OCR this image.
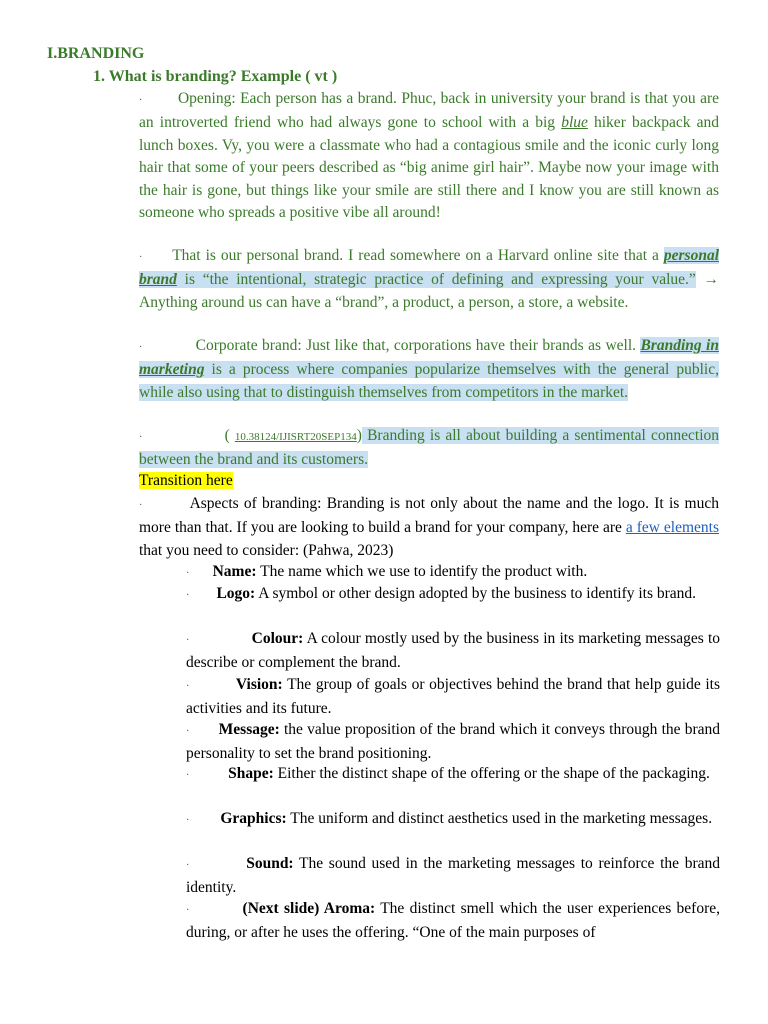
I.BRANDING
1. What is branding? Example ( vt )
· Opening: Each person has a brand. Phuc, back in university your brand is that you are an introverted friend who had always gone to school with a big blue hiker backpack and lunch boxes. Vy, you were a classmate who had a contagious smile and the iconic curly long hair that some of your peers described as “big anime girl hair”. Maybe now your image with the hair is gone, but things like your smile are still there and I know you are still known as someone who spreads a positive vibe all around!
· That is our personal brand. I read somewhere on a Harvard online site that a personal brand is “the intentional, strategic practice of defining and expressing your value.” → Anything around us can have a “brand”, a product, a person, a store, a website.
·	Corporate brand: Just like that, corporations have their brands as well. Branding in marketing is a process where companies popularize themselves with the general public, while also using that to distinguish themselves from competitors in the market.
·	( 10.38124/IJISRT20SEP134) Branding is all about building a sentimental connection between the brand and its customers.
Transition here
·	Aspects of branding: Branding is not only about the name and the logo. It is much more than that. If you are looking to build a brand for your company, here are a few elements that you need to consider: (Pahwa, 2023)
· Name: The name which we use to identify the product with.
· Logo: A symbol or other design adopted by the business to identify its brand.
·	Colour: A colour mostly used by the business in its marketing messages to describe or complement the brand.
·	Vision: The group of goals or objectives behind the brand that help guide its activities and its future.
· Message: the value proposition of the brand which it conveys through the brand personality to set the brand positioning.
·	Shape: Either the distinct shape of the offering or the shape of the packaging.
· Graphics: The uniform and distinct aesthetics used in the marketing messages.
·	Sound: The sound used in the marketing messages to reinforce the brand identity.
·	(Next slide) Aroma: The distinct smell which the user experiences before, during, or after he uses the offering. “One of the main purposes of
